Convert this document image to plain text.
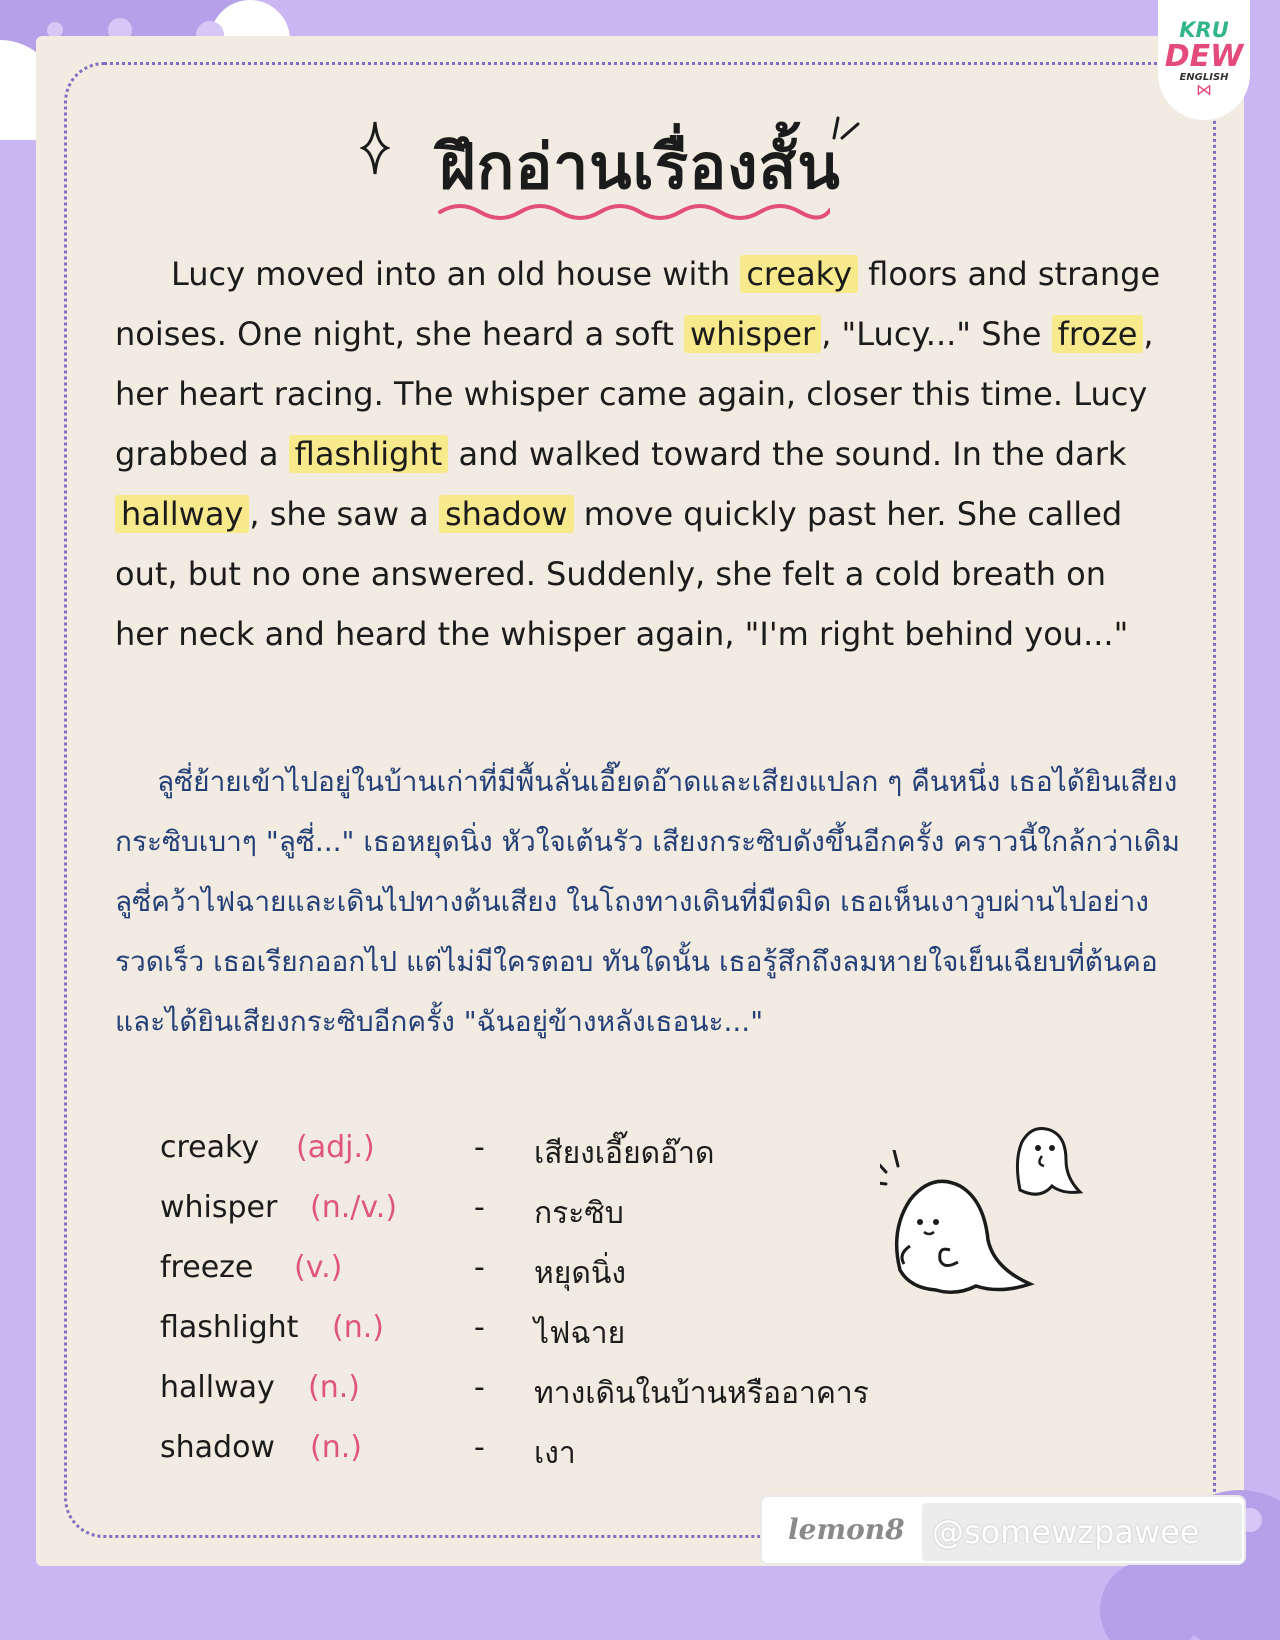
KRU
DEW
ENGLISH
⋈
ฝึกอ่านเรื่องสั้น
Lucy moved into an old house with creaky floors and strange noises. One night, she heard a soft whisper , "Lucy..." She froze , her heart racing. The whisper came again, closer this time. Lucy grabbed a flashlight and walked toward the sound. In the dark hallway , she saw a shadow move quickly past her. She called out, but no one answered. Suddenly, she felt a cold breath on her neck and heard the whisper again, "I'm right behind you..."
ลูซี่ย้ายเข้าไปอยู่ในบ้านเก่าที่มีพื้นลั่นเอี๊ยดอ๊าดและเสียงแปลก ๆ คืนหนึ่ง เธอได้ยินเสียงกระซิบเบาๆ "ลูซี่..." เธอหยุดนิ่ง หัวใจเต้นรัว เสียงกระซิบดังขึ้นอีกครั้ง คราวนี้ใกล้กว่าเดิม ลูซี่คว้าไฟฉายและเดินไปทางต้นเสียง ในโถงทางเดินที่มืดมิด เธอเห็นเงาวูบผ่านไปอย่างรวดเร็ว เธอเรียกออกไป แต่ไม่มีใครตอบ ทันใดนั้น เธอรู้สึกถึงลมหายใจเย็นเฉียบที่ต้นคอ และได้ยินเสียงกระซิบอีกครั้ง "ฉันอยู่ข้างหลังเธอนะ..."
creaky (adj.)	- เสียงเอี๊ยดอ๊าด
whisper (n./v.)	- กระซิบ
freeze (v.)	- หยุดนิ่ง
flashlight (n.)	- ไฟฉาย
hallway (n.)	- ทางเดินในบ้านหรืออาคาร
shadow (n.)	- เงา
lemon8 @somewzpawee
